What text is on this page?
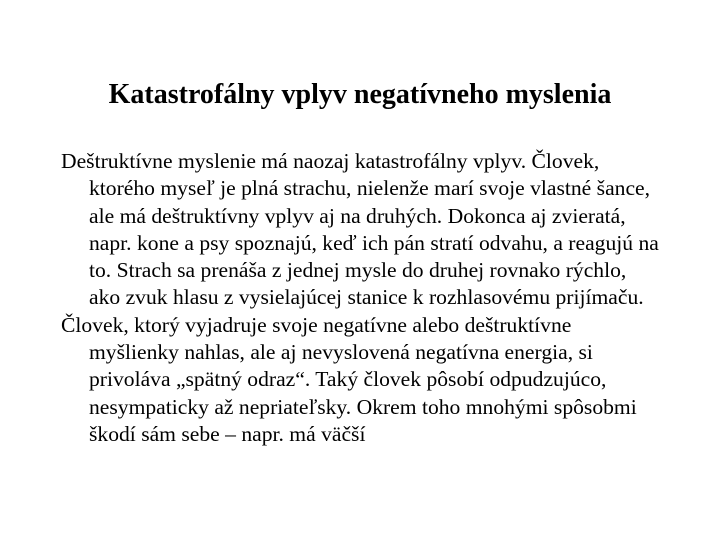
Katastrofálny vplyv negatívneho myslenia

Deštruktívne myslenie má naozaj katastrofálny vplyv. Človek, ktorého myseľ je plná strachu, nielenže marí svoje vlastné šance, ale má deštruktívny vplyv aj na druhých. Dokonca aj zvieratá, napr. kone a psy spoznajú, keď ich pán stratí odvahu, a reagujú na to. Strach sa prenáša z jednej mysle do druhej rovnako rýchlo, ako zvuk hlasu z vysielajúcej stanice k rozhlasovému prijímaču.

Človek, ktorý vyjadruje svoje negatívne alebo deštruktívne myšlienky nahlas, ale aj nevyslovená negatívna energia, si privoláva „spätný odraz“. Taký človek pôsobí odpudzujúco, nesympaticky až nepriateľsky. Okrem toho mnohými spôsobmi škodí sám sebe – napr. má väčší
